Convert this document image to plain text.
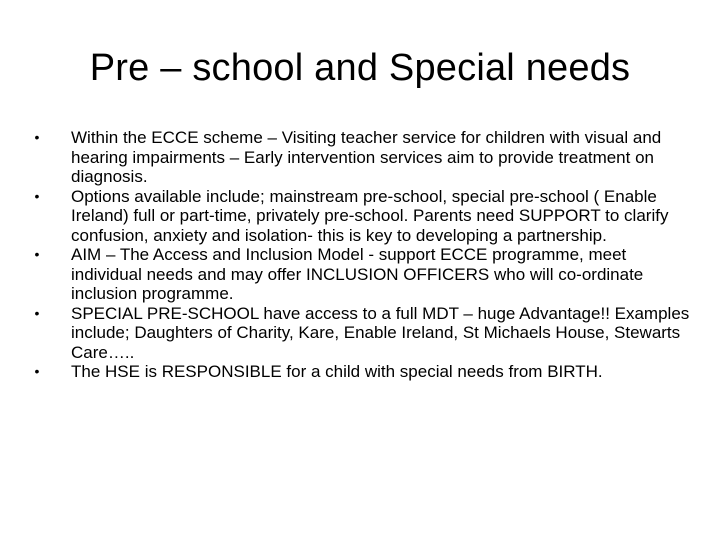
Pre – school and Special needs
• Within the ECCE scheme – Visiting teacher service for children with visual and hearing impairments – Early intervention services aim to provide treatment on diagnosis.
• Options available include; mainstream pre-school, special pre-school ( Enable Ireland) full or part-time, privately pre-school. Parents need SUPPORT to clarify confusion, anxiety and isolation- this is key to developing a partnership.
• AIM – The Access and Inclusion Model - support ECCE programme, meet individual needs and may offer INCLUSION OFFICERS who will co-ordinate inclusion programme.
• SPECIAL PRE-SCHOOL have access to a full MDT – huge Advantage!! Examples include; Daughters of Charity, Kare, Enable Ireland, St Michaels House, Stewarts Care…..
• The HSE is RESPONSIBLE for a child with special needs from BIRTH.
